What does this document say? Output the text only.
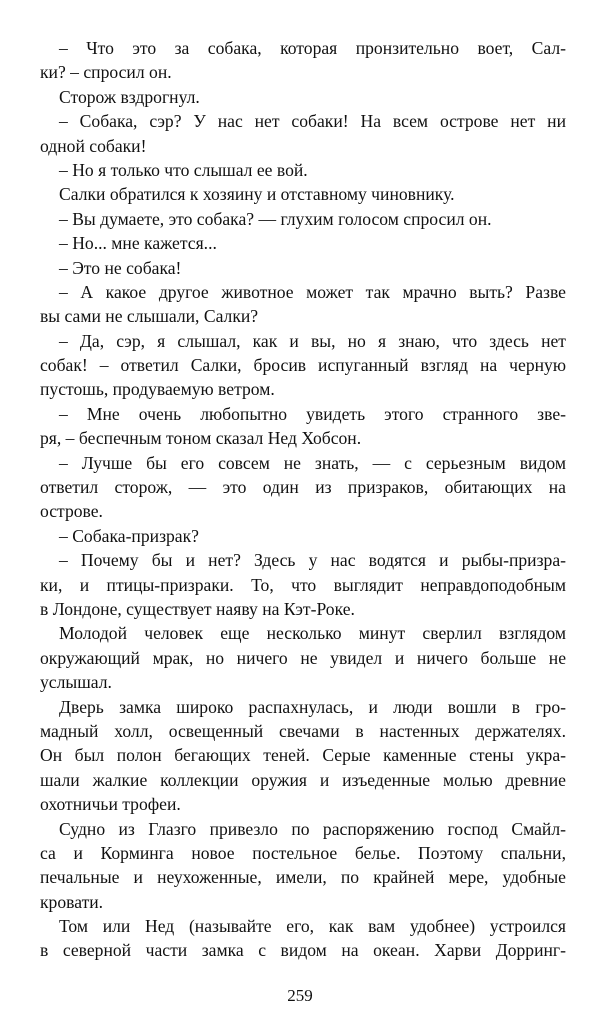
– Что это за собака, которая пронзительно воет, Сал-
ки? – спросил он.
Сторож вздрогнул.
– Собака, сэр? У нас нет собаки! На всем острове нет ни
одной собаки!
– Но я только что слышал ее вой.
Салки обратился к хозяину и отставному чиновнику.
– Вы думаете, это собака? — глухим голосом спросил он.
– Но... мне кажется...
– Это не собака!
– А какое другое животное может так мрачно выть? Разве
вы сами не слышали, Салки?
– Да, сэр, я слышал, как и вы, но я знаю, что здесь нет
собак! – ответил Салки, бросив испуганный взгляд на черную
пустошь, продуваемую ветром.
– Мне очень любопытно увидеть этого странного зве-
ря, – беспечным тоном сказал Нед Хобсон.
– Лучше бы его совсем не знать, — с серьезным видом
ответил сторож, — это один из призраков, обитающих на
острове.
– Собака-призрак?
– Почему бы и нет? Здесь у нас водятся и рыбы-призра-
ки, и птицы-призраки. То, что выглядит неправдоподобным
в Лондоне, существует наяву на Кэт-Роке.
Молодой человек еще несколько минут сверлил взглядом
окружающий мрак, но ничего не увидел и ничего больше не
услышал.
Дверь замка широко распахнулась, и люди вошли в гро-
мадный холл, освещенный свечами в настенных держателях.
Он был полон бегающих теней. Серые каменные стены укра-
шали жалкие коллекции оружия и изъеденные молью древние
охотничьи трофеи.
Судно из Глазго привезло по распоряжению господ Смайл-
са и Корминга новое постельное белье. Поэтому спальни,
печальные и неухоженные, имели, по крайней мере, удобные
кровати.
Том или Нед (называйте его, как вам удобнее) устроился
в северной части замка с видом на океан. Харви Дорринг-
259
